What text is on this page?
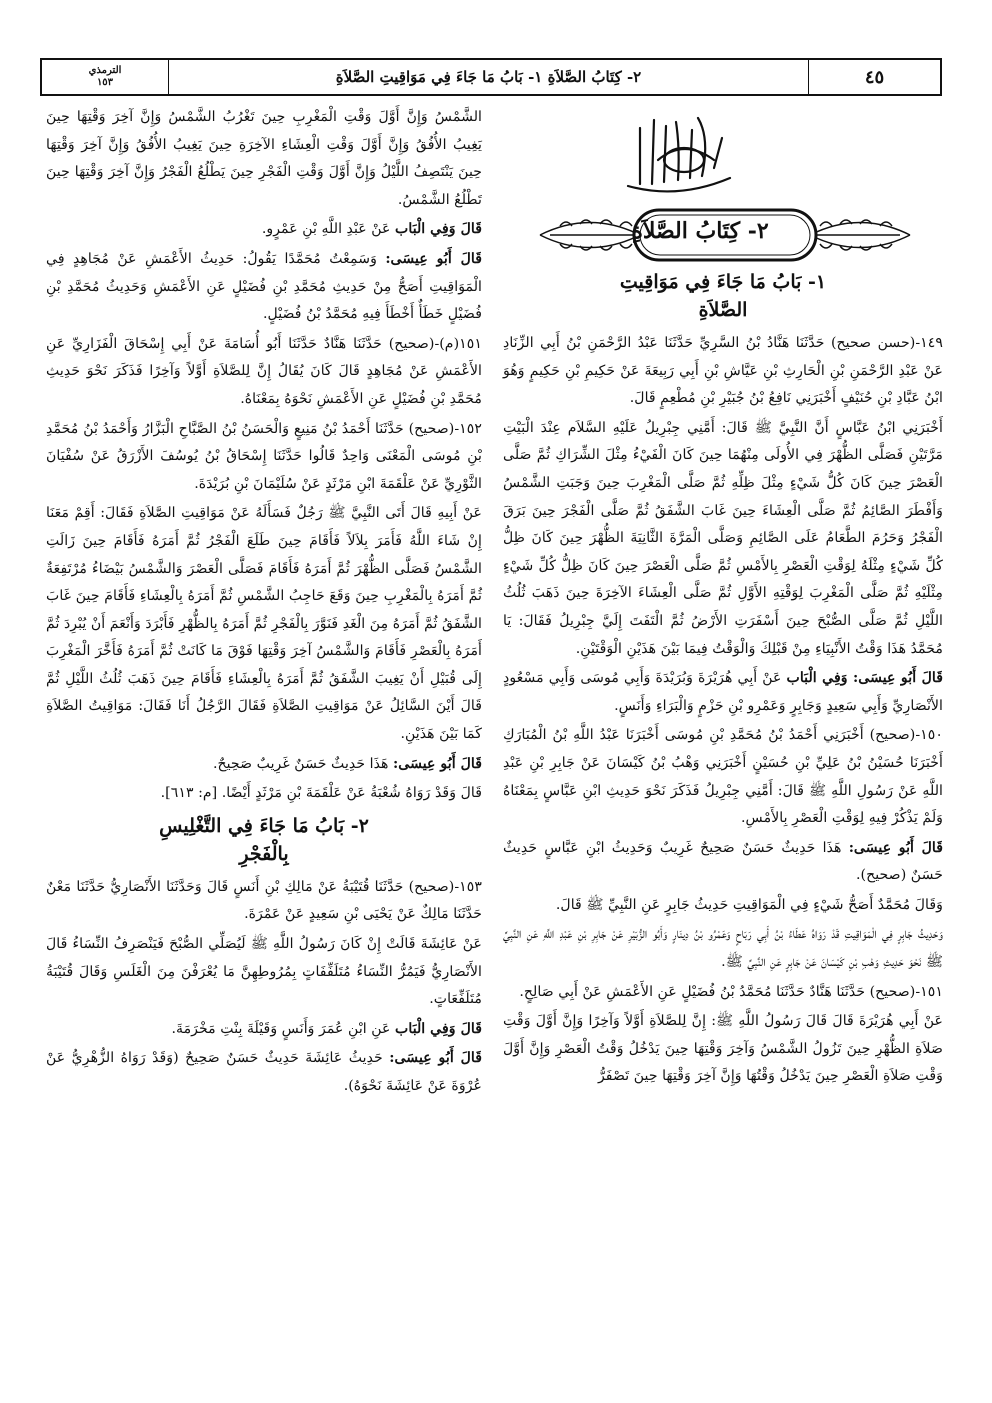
٤٥
٢- كِتَابُ الصَّلاَةِ ١- بَابُ مَا جَاءَ فِي مَوَاقِيتِ الصَّلاَةِ
الترمذي
١٥٣
٢- كِتَابُ الصَّلاَةِ
١- بَابُ مَا جَاءَ فِي مَوَاقِيتِ
الصَّلاَةِ

١٤٩-(حسن صحيح) حَدَّثَنَا هَنَّادُ بْنُ السَّرِيِّ حَدَّثَنَا عَبْدُ الرَّحْمَنِ بْنُ أَبِي الزِّنَادِ عَنْ عَبْدِ الرَّحْمَنِ بْنِ الْحَارِثِ بْنِ عَيَّاشِ بْنِ أَبِي رَبِيعَةَ عَنْ حَكِيمِ بْنِ حَكِيمٍ وَهُوَ ابْنُ عَبَّادِ بْنِ حُنَيْفٍ أَخْبَرَنِي نَافِعُ بْنُ جُبَيْرِ بْنِ مُطْعِمٍ قَالَ.

أَخْبَرَنِي ابْنُ عَبَّاسٍ أَنَّ النَّبِيَّ ﷺ قَالَ: أَمَّنِي جِبْرِيلُ عَلَيْهِ السَّلاَم عِنْدَ الْبَيْتِ مَرَّتَيْنِ فَصَلَّى الظُّهْرَ فِي الأُولَى مِنْهُمَا حِينَ كَانَ الْفَيْءُ مِثْلَ الشِّرَاكِ ثُمَّ صَلَّى الْعَصْرَ حِينَ كَانَ كُلُّ شَيْءٍ مِثْلَ ظِلِّهِ ثُمَّ صَلَّى الْمَغْرِبَ حِينَ وَجَبَتِ الشَّمْسُ وَأَفْطَرَ الصَّائِمُ ثُمَّ صَلَّى الْعِشَاءَ حِينَ غَابَ الشَّفَقُ ثُمَّ صَلَّى الْفَجْرَ حِينَ بَرَقَ الْفَجْرُ وَحَرُمَ الطَّعَامُ عَلَى الصَّائِمِ وَصَلَّى الْمَرَّةَ الثَّانِيَةَ الظُّهْرَ حِينَ كَانَ ظِلُّ كُلِّ شَيْءٍ مِثْلَهُ لِوَقْتِ الْعَصْرِ بِالأَمْسِ ثُمَّ صَلَّى الْعَصْرَ حِينَ كَانَ ظِلُّ كُلِّ شَيْءٍ مِثْلَيْهِ ثُمَّ صَلَّى الْمَغْرِبَ لِوَقْتِهِ الأَوَّلِ ثُمَّ صَلَّى الْعِشَاءَ الآخِرَةَ حِينَ ذَهَبَ ثُلُثُ اللَّيْلِ ثُمَّ صَلَّى الصُّبْحَ حِينَ أَسْفَرَتِ الأَرْضُ ثُمَّ الْتَفَتَ إِلَيَّ جِبْرِيلُ فَقَالَ: يَا مُحَمَّدُ هَذَا وَقْتُ الأَنْبِيَاءِ مِنْ قَبْلِكَ وَالْوَقْتُ فِيمَا بَيْنَ هَذَيْنِ الْوَقْتَيْنِ.

قَالَ أَبُو عِيسَى: وَفِي الْبَاب عَنْ أَبِي هُرَيْرَةَ وَبُرَيْدَةَ وَأَبِي مُوسَى وَأَبِي مَسْعُودٍ الأَنْصَارِيِّ وَأَبِي سَعِيدٍ وَجَابِرٍ وَعَمْرِو بْنِ حَزْمٍ وَالْبَرَاءِ وَأَنَسٍ.

١٥٠-(صحيح) أَخْبَرَنِي أَحْمَدُ بْنُ مُحَمَّدِ بْنِ مُوسَى أَخْبَرَنَا عَبْدُ اللَّهِ بْنُ الْمُبَارَكِ أَخْبَرَنَا حُسَيْنُ بْنُ عَلِيِّ بْنِ حُسَيْنٍ أَخْبَرَنِي وَهْبُ بْنُ كَيْسَانَ عَنْ جَابِرِ بْنِ عَبْدِ اللَّهِ عَنْ رَسُولِ اللَّهِ ﷺ قَالَ: أَمَّنِي جِبْرِيلُ فَذَكَرَ نَحْوَ حَدِيثِ ابْنِ عَبَّاسٍ بِمَعْنَاهُ وَلَمْ يَذْكُرْ فِيهِ لِوَقْتِ الْعَصْرِ بِالأَمْسِ.

قَالَ أَبُو عِيسَى: هَذَا حَدِيثٌ حَسَنٌ صَحِيحٌ غَرِيبٌ وَحَدِيثُ ابْنِ عَبَّاسٍ حَدِيثٌ حَسَنٌ (صحيح).

وَقَالَ مُحَمَّدٌ أَصَحُّ شَيْءٍ فِي الْمَوَاقِيتِ حَدِيثُ جَابِرٍ عَنِ النَّبِيِّ ﷺ قَالَ.

وَحَدِيثُ جَابِرٍ فِي الْمَوَاقِيتِ قَدْ رَوَاهُ عَطَاءُ بْنُ أَبِي رَبَاحٍ وَعَمْرُو بْنُ دِينَارٍ وَأَبُو الزُّبَيْرِ عَنْ جَابِرِ بْنِ عَبْدِ اللَّهِ عَنِ النَّبِيِّ ﷺ نَحْوَ حَدِيثِ وَهْبِ بْنِ كَيْسَانَ عَنْ جَابِرٍ عَنِ النَّبِيِّ ﷺ.

١٥١-(صحيح) حَدَّثَنَا هَنَّادٌ حَدَّثَنَا مُحَمَّدُ بْنُ فُضَيْلٍ عَنِ الأَعْمَشِ عَنْ أَبِي صَالِحٍ.

عَنْ أَبِي هُرَيْرَةَ قَالَ قَالَ رَسُولُ اللَّهِ ﷺ: إِنَّ لِلصَّلاَةِ أَوَّلاً وَآخِرًا وَإِنَّ أَوَّلَ وَقْتِ صَلاَةِ الظُّهْرِ حِينَ تَزُولُ الشَّمْسُ وَآخِرَ وَقْتِهَا حِينَ يَدْخُلُ وَقْتُ الْعَصْرِ وَإِنَّ أَوَّلَ وَقْتِ صَلاَةِ الْعَصْرِ حِينَ يَدْخُلُ وَقْتُهَا وَإِنَّ آخِرَ وَقْتِهَا حِينَ تَصْفَرُّ

الشَّمْسُ وَإِنَّ أَوَّلَ وَقْتِ الْمَغْرِبِ حِينَ تَغْرُبُ الشَّمْسُ وَإِنَّ آخِرَ وَقْتِهَا حِينَ يَغِيبُ الأُفُقُ وَإِنَّ أَوَّلَ وَقْتِ الْعِشَاءِ الآخِرَةِ حِينَ يَغِيبُ الأُفُقُ وَإِنَّ آخِرَ وَقْتِهَا حِينَ يَنْتَصِفُ اللَّيْلُ وَإِنَّ أَوَّلَ وَقْتِ الْفَجْرِ حِينَ يَطْلُعُ الْفَجْرُ وَإِنَّ آخِرَ وَقْتِهَا حِينَ تَطْلُعُ الشَّمْسُ.

قَالَ وَفِي الْبَاب عَنْ عَبْدِ اللَّهِ بْنِ عَمْرٍو.

قَالَ أَبُو عِيسَى: وَسَمِعْتُ مُحَمَّدًا يَقُولُ: حَدِيثُ الأَعْمَشِ عَنْ مُجَاهِدٍ فِي الْمَوَاقِيتِ أَصَحُّ مِنْ حَدِيثِ مُحَمَّدِ بْنِ فُضَيْلٍ عَنِ الأَعْمَشِ وَحَدِيثُ مُحَمَّدِ بْنِ فُضَيْلٍ خَطَأٌ أَخْطَأَ فِيهِ مُحَمَّدُ بْنُ فُضَيْلٍ.

١٥١(م)-(صحيح) حَدَّثَنَا هَنَّادٌ حَدَّثَنَا أَبُو أُسَامَةَ عَنْ أَبِي إِسْحَاقَ الْفَزَارِيِّ عَنِ الأَعْمَشِ عَنْ مُجَاهِدٍ قَالَ كَانَ يُقَالُ إِنَّ لِلصَّلاَةِ أَوَّلاً وَآخِرًا فَذَكَرَ نَحْوَ حَدِيثِ مُحَمَّدِ بْنِ فُضَيْلٍ عَنِ الأَعْمَشِ نَحْوَهُ بِمَعْنَاهُ.

١٥٢-(صحيح) حَدَّثَنَا أَحْمَدُ بْنُ مَنِيعٍ وَالْحَسَنُ بْنُ الصَّبَّاحِ الْبَزَّارُ وَأَحْمَدُ بْنُ مُحَمَّدِ بْنِ مُوسَى الْمَعْنَى وَاحِدٌ قَالُوا حَدَّثَنَا إِسْحَاقُ بْنُ يُوسُفَ الأَزْرَقُ عَنْ سُفْيَانَ الثَّوْرِيِّ عَنْ عَلْقَمَةَ ابْنِ مَرْثَدٍ عَنْ سُلَيْمَانَ بْنِ بُرَيْدَةَ.

عَنْ أَبِيهِ قَالَ أَتَى النَّبِيَّ ﷺ رَجُلٌ فَسَأَلَهُ عَنْ مَوَاقِيتِ الصَّلاَةِ فَقَالَ: أَقِمْ مَعَنَا إِنْ شَاءَ اللَّهُ فَأَمَرَ بِلاَلاً فَأَقَامَ حِينَ طَلَعَ الْفَجْرُ ثُمَّ أَمَرَهُ فَأَقَامَ حِينَ زَالَتِ الشَّمْسُ فَصَلَّى الظُّهْرَ ثُمَّ أَمَرَهُ فَأَقَامَ فَصَلَّى الْعَصْرَ وَالشَّمْسُ بَيْضَاءُ مُرْتَفِعَةٌ ثُمَّ أَمَرَهُ بِالْمَغْرِبِ حِينَ وَقَعَ حَاجِبُ الشَّمْسِ ثُمَّ أَمَرَهُ بِالْعِشَاءِ فَأَقَامَ حِينَ غَابَ الشَّفَقُ ثُمَّ أَمَرَهُ مِنَ الْغَدِ فَنَوَّرَ بِالْفَجْرِ ثُمَّ أَمَرَهُ بِالظُّهْرِ فَأَبْرَدَ وَأَنْعَمَ أَنْ يُبْرِدَ ثُمَّ أَمَرَهُ بِالْعَصْرِ فَأَقَامَ وَالشَّمْسُ آخِرَ وَقْتِهَا فَوْقَ مَا كَانَتْ ثُمَّ أَمَرَهُ فَأَخَّرَ الْمَغْرِبَ إِلَى قُبَيْلِ أَنْ يَغِيبَ الشَّفَقُ ثُمَّ أَمَرَهُ بِالْعِشَاءِ فَأَقَامَ حِينَ ذَهَبَ ثُلُثُ اللَّيْلِ ثُمَّ قَالَ أَيْنَ السَّائِلُ عَنْ مَوَاقِيتِ الصَّلاَةِ فَقَالَ الرَّجُلُ أَنَا فَقَالَ: مَوَاقِيتُ الصَّلاَةِ كَمَا بَيْنَ هَذَيْنِ.

قَالَ أَبُو عِيسَى: هَذَا حَدِيثٌ حَسَنٌ غَرِيبٌ صَحِيحٌ.

قَالَ وَقَدْ رَوَاهُ شُعْبَةُ عَنْ عَلْقَمَةَ بْنِ مَرْثَدٍ أَيْضًا. [م: ٦١٣].

٢- بَابُ مَا جَاءَ فِي التَّغْلِيسِ
بِالْفَجْرِ

١٥٣-(صحيح) حَدَّثَنَا قُتَيْبَةُ عَنْ مَالِكِ بْنِ أَنَسٍ قَالَ وَحَدَّثَنَا الأَنْصَارِيُّ حَدَّثَنَا مَعْنٌ حَدَّثَنَا مَالِكٌ عَنْ يَحْيَى بْنِ سَعِيدٍ عَنْ عَمْرَةَ.

عَنْ عَائِشَةَ قَالَتْ إِنْ كَانَ رَسُولُ اللَّهِ ﷺ لَيُصَلِّي الصُّبْحَ فَيَنْصَرِفُ النِّسَاءُ قَالَ الأَنْصَارِيُّ فَيَمُرُّ النِّسَاءُ مُتَلَفِّفَاتٍ بِمُرُوطِهِنَّ مَا يُعْرَفْنَ مِنَ الْغَلَسِ وَقَالَ قُتَيْبَةُ مُتَلَفِّعَاتٍ.

قَالَ وَفِي الْبَاب عَنِ ابْنِ عُمَرَ وَأَنَسٍ وَقَيْلَةَ بِنْتِ مَخْرَمَةَ.

قَالَ أَبُو عِيسَى: حَدِيثُ عَائِشَةَ حَدِيثٌ حَسَنٌ صَحِيحٌ (وَقَدْ رَوَاهُ الزُّهْرِيُّ عَنْ عُرْوَةَ عَنْ عَائِشَةَ نَحْوَهُ).
